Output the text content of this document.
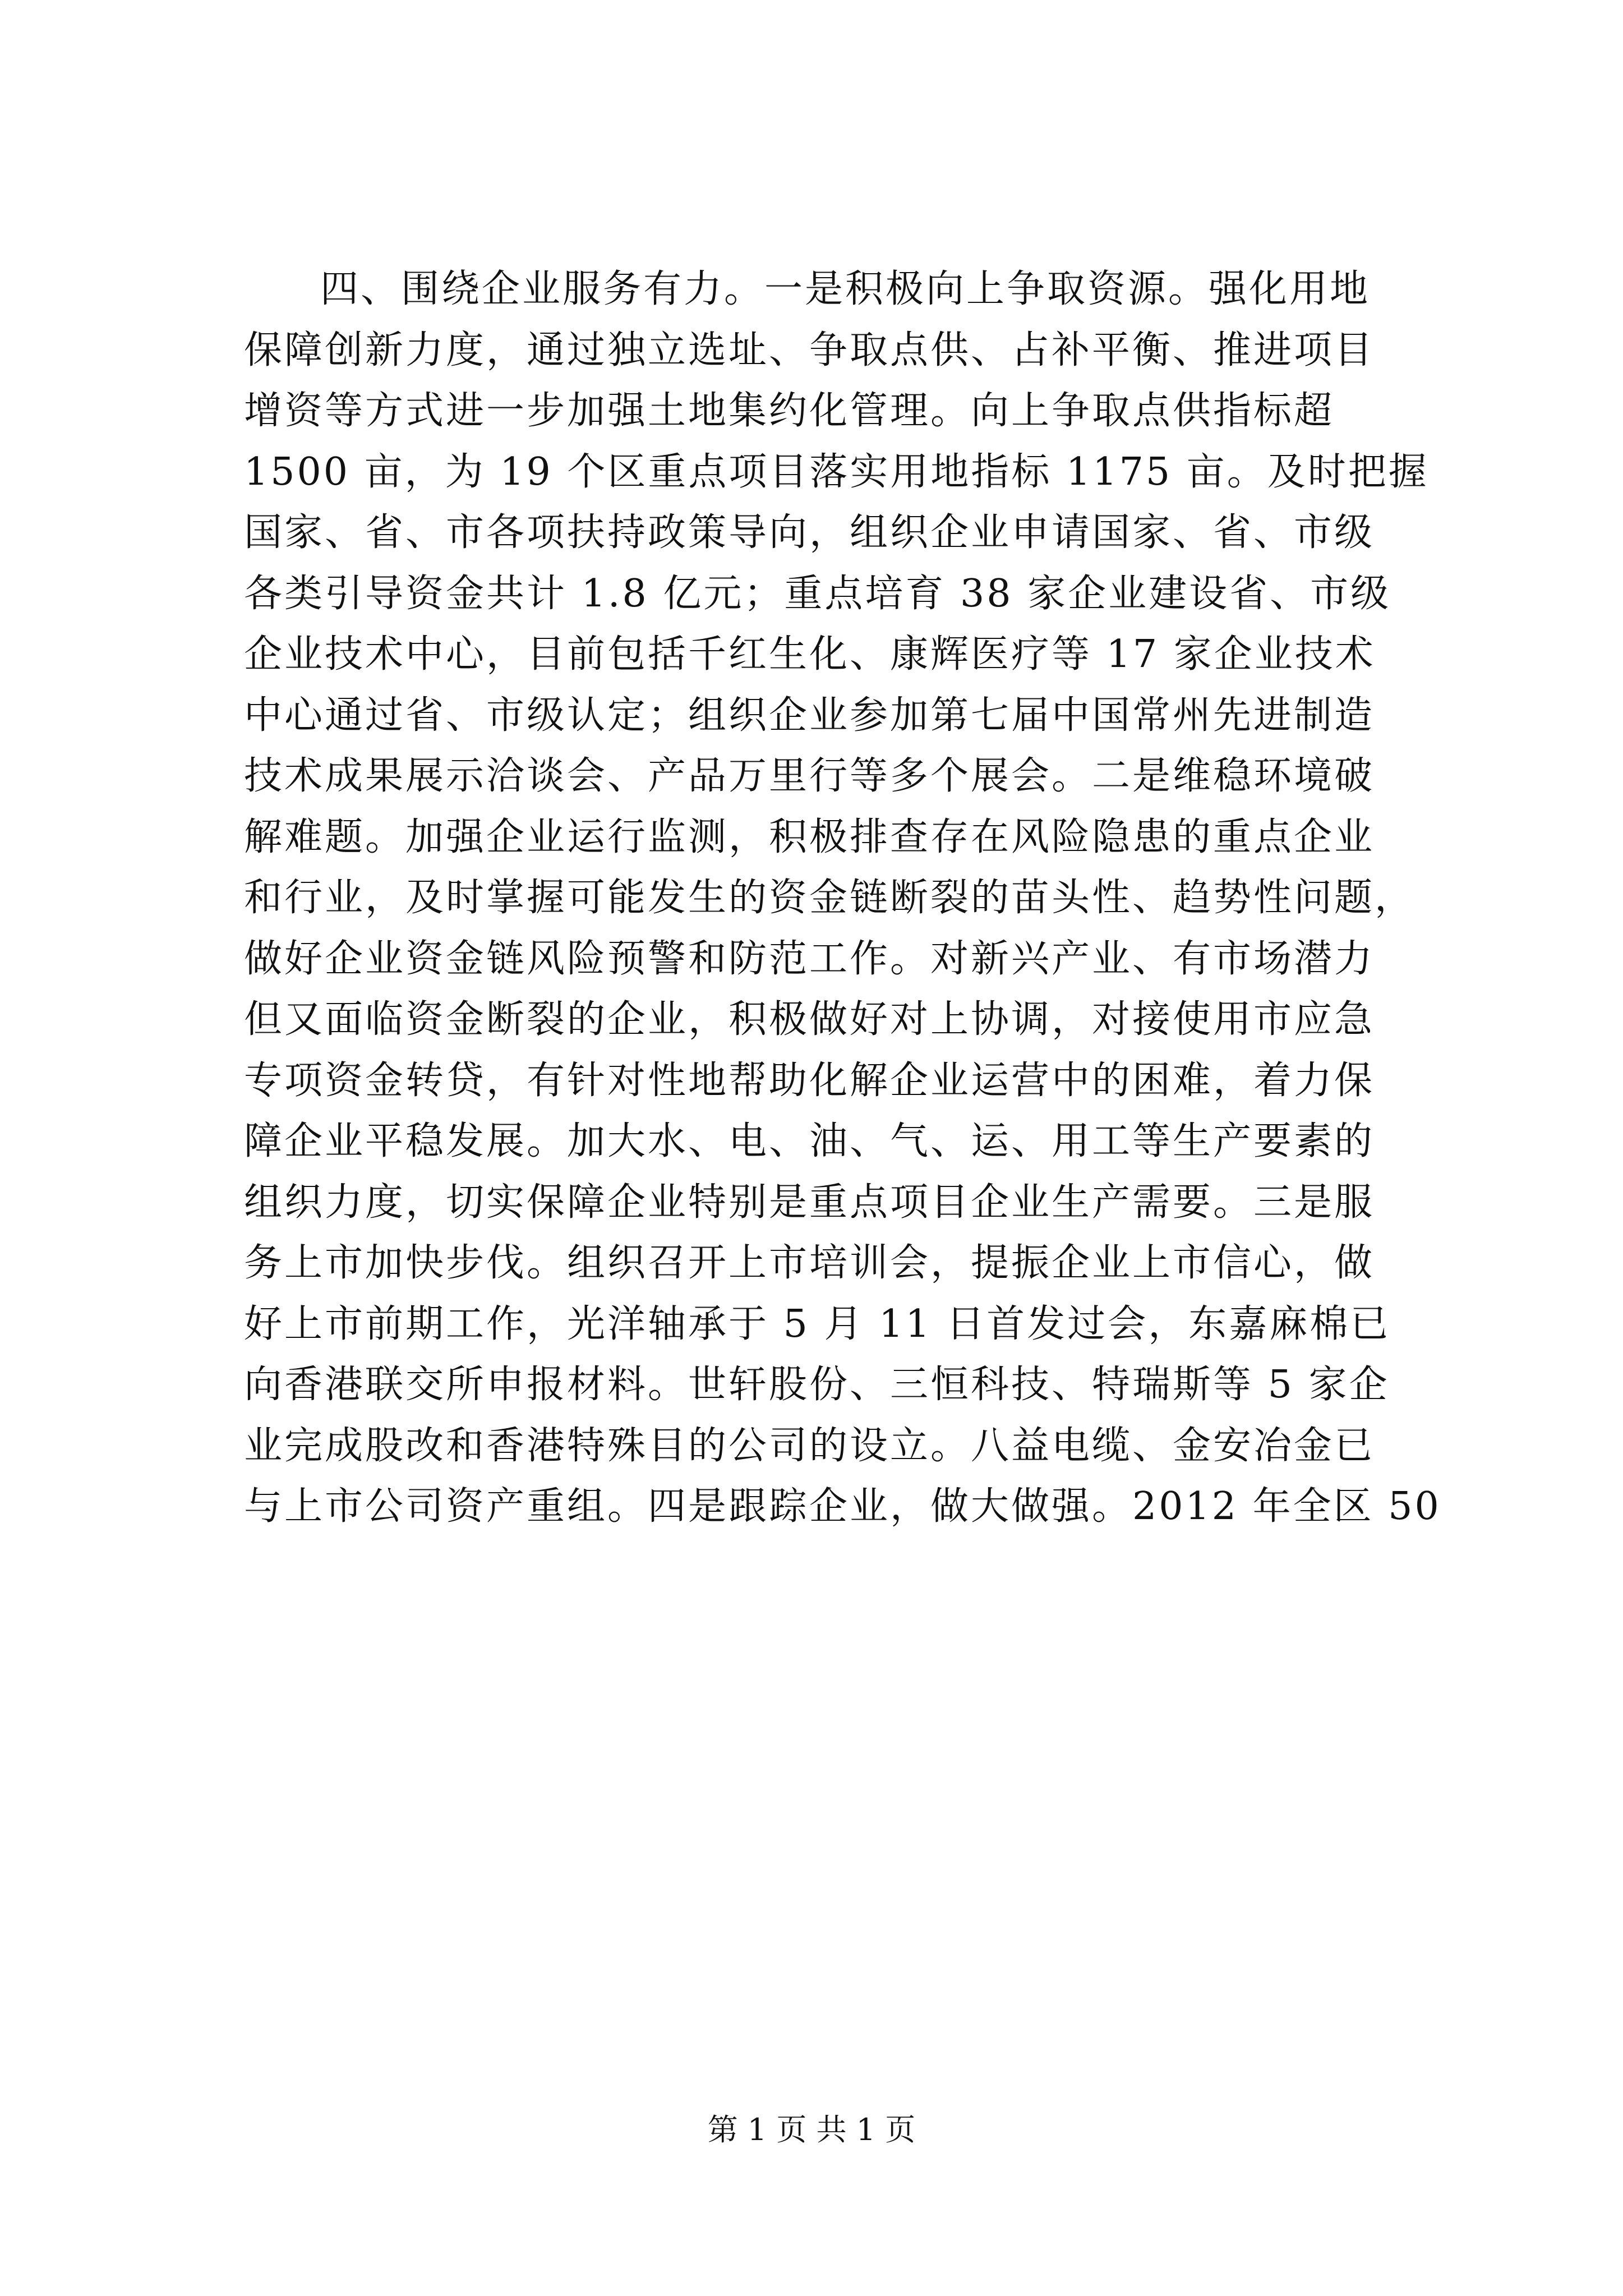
四、围绕企业服务有力。一是积极向上争取资源。强化用地
保障创新力度，通过独立选址、争取点供、占补平衡、推进项目
增资等方式进一步加强土地集约化管理。向上争取点供指标超
1500 亩，为 19 个区重点项目落实用地指标 1175 亩。及时把握
国家、省、市各项扶持政策导向，组织企业申请国家、省、市级
各类引导资金共计 1.8 亿元；重点培育 38 家企业建设省、市级
企业技术中心，目前包括千红生化、康辉医疗等 17 家企业技术
中心通过省、市级认定；组织企业参加第七届中国常州先进制造
技术成果展示洽谈会、产品万里行等多个展会。二是维稳环境破
解难题。加强企业运行监测，积极排查存在风险隐患的重点企业
和行业，及时掌握可能发生的资金链断裂的苗头性、趋势性问题，
做好企业资金链风险预警和防范工作。对新兴产业、有市场潜力
但又面临资金断裂的企业，积极做好对上协调，对接使用市应急
专项资金转贷，有针对性地帮助化解企业运营中的困难，着力保
障企业平稳发展。加大水、电、油、气、运、用工等生产要素的
组织力度，切实保障企业特别是重点项目企业生产需要。三是服
务上市加快步伐。组织召开上市培训会，提振企业上市信心，做
好上市前期工作，光洋轴承于 5 月 11 日首发过会，东嘉麻棉已
向香港联交所申报材料。世轩股份、三恒科技、特瑞斯等 5 家企
业完成股改和香港特殊目的公司的设立。八益电缆、金安冶金已
与上市公司资产重组。四是跟踪企业，做大做强。2012 年全区 50
第 1 页 共 1 页
